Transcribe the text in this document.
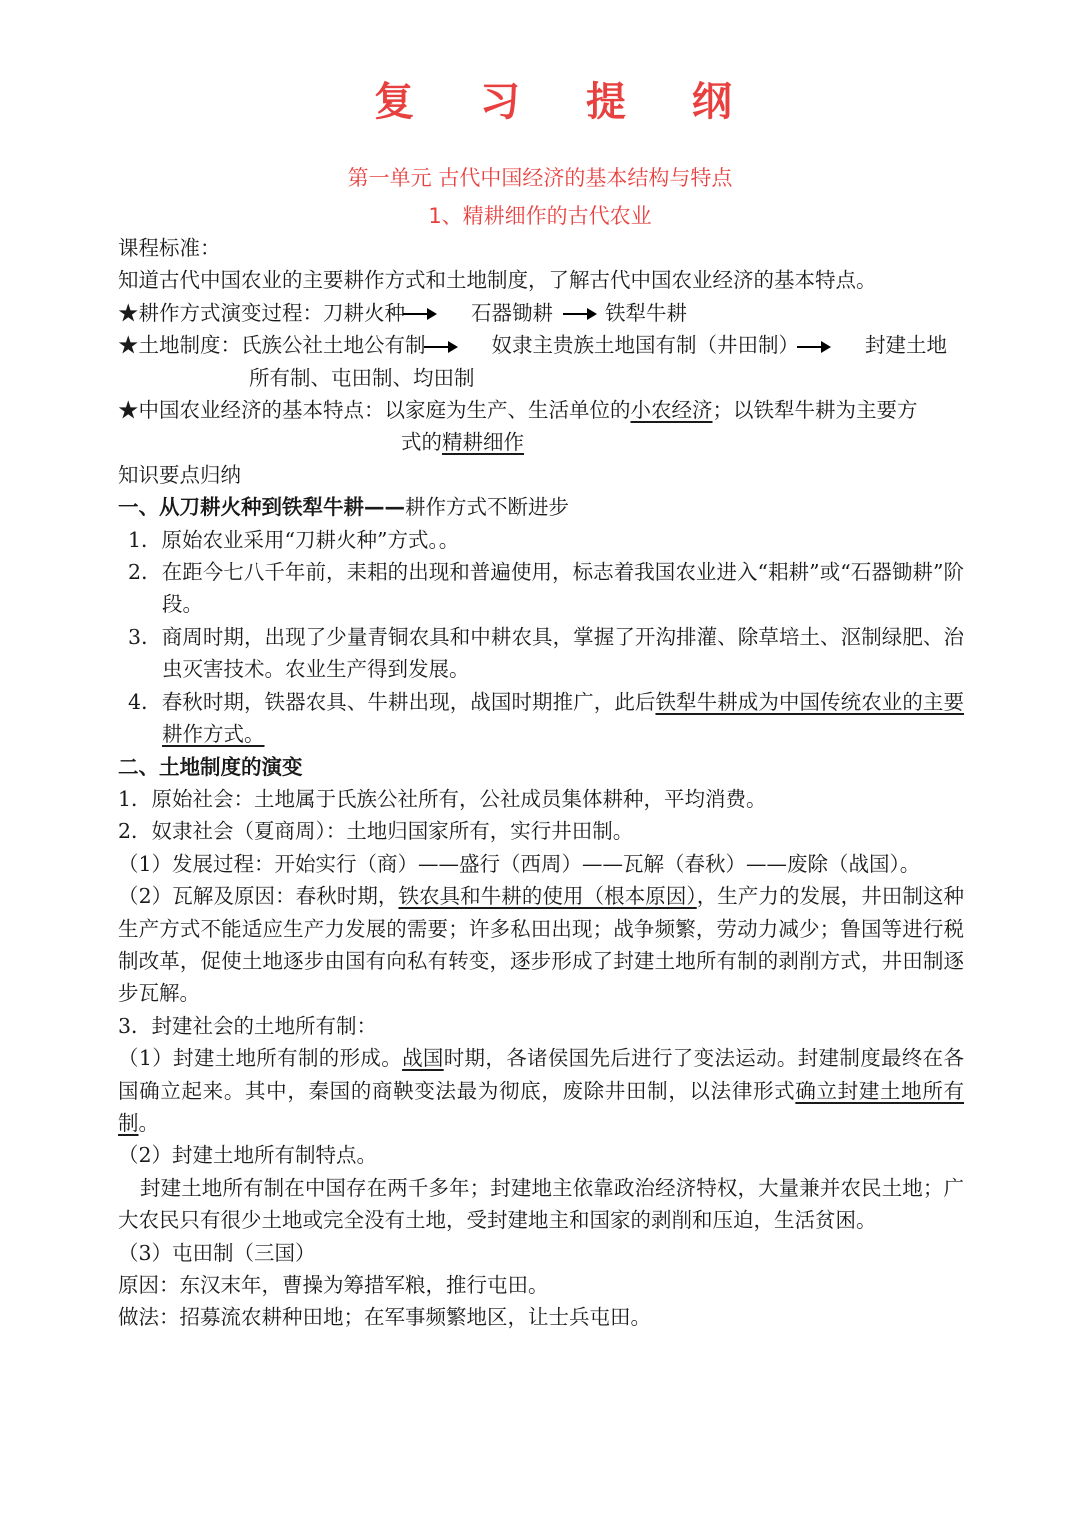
复 习 提 纲
第一单元 古代中国经济的基本结构与特点
1、精耕细作的古代农业
课程标准：
知道古代中国农业的主要耕作方式和土地制度，了解古代中国农业经济的基本特点。
★耕作方式演变过程：刀耕火种	石器锄耕	铁犁牛耕
★土地制度：氏族公社土地公有制	奴隶主贵族土地国有制（井田制）	封建土地
所有制、屯田制、均田制
★中国农业经济的基本特点：以家庭为生产、生活单位的小农经济；以铁犁牛耕为主要方
式的精耕细作
知识要点归纳
一、从刀耕火种到铁犁牛耕——耕作方式不断进步
1．原始农业采用“刀耕火种”方式。。
2．在距今七八千年前，耒耜的出现和普遍使用，标志着我国农业进入“耜耕”或“石器锄耕”阶段。
3．商周时期，出现了少量青铜农具和中耕农具，掌握了开沟排灌、除草培土、沤制绿肥、治虫灭害技术。农业生产得到发展。
4．春秋时期，铁器农具、牛耕出现，战国时期推广，此后铁犁牛耕成为中国传统农业的主要耕作方式。
二、土地制度的演变
1．原始社会：土地属于氏族公社所有，公社成员集体耕种，平均消费。
2．奴隶社会（夏商周）：土地归国家所有，实行井田制。
（1）发展过程：开始实行（商）——盛行（西周）——瓦解（春秋）——废除（战国）。
（2）瓦解及原因：春秋时期，铁农具和牛耕的使用（根本原因），生产力的发展，井田制这种生产方式不能适应生产力发展的需要；许多私田出现；战争频繁，劳动力减少；鲁国等进行税制改革，促使土地逐步由国有向私有转变，逐步形成了封建土地所有制的剥削方式，井田制逐步瓦解。
3．封建社会的土地所有制：
（1）封建土地所有制的形成。战国时期，各诸侯国先后进行了变法运动。封建制度最终在各国确立起来。其中，秦国的商鞅变法最为彻底，废除井田制，以法律形式确立封建土地所有制。
（2）封建土地所有制特点。
封建土地所有制在中国存在两千多年；封建地主依靠政治经济特权，大量兼并农民土地；广大农民只有很少土地或完全没有土地，受封建地主和国家的剥削和压迫，生活贫困。
（3）屯田制（三国）
原因：东汉末年，曹操为筹措军粮，推行屯田。
做法：招募流农耕种田地；在军事频繁地区，让士兵屯田。
